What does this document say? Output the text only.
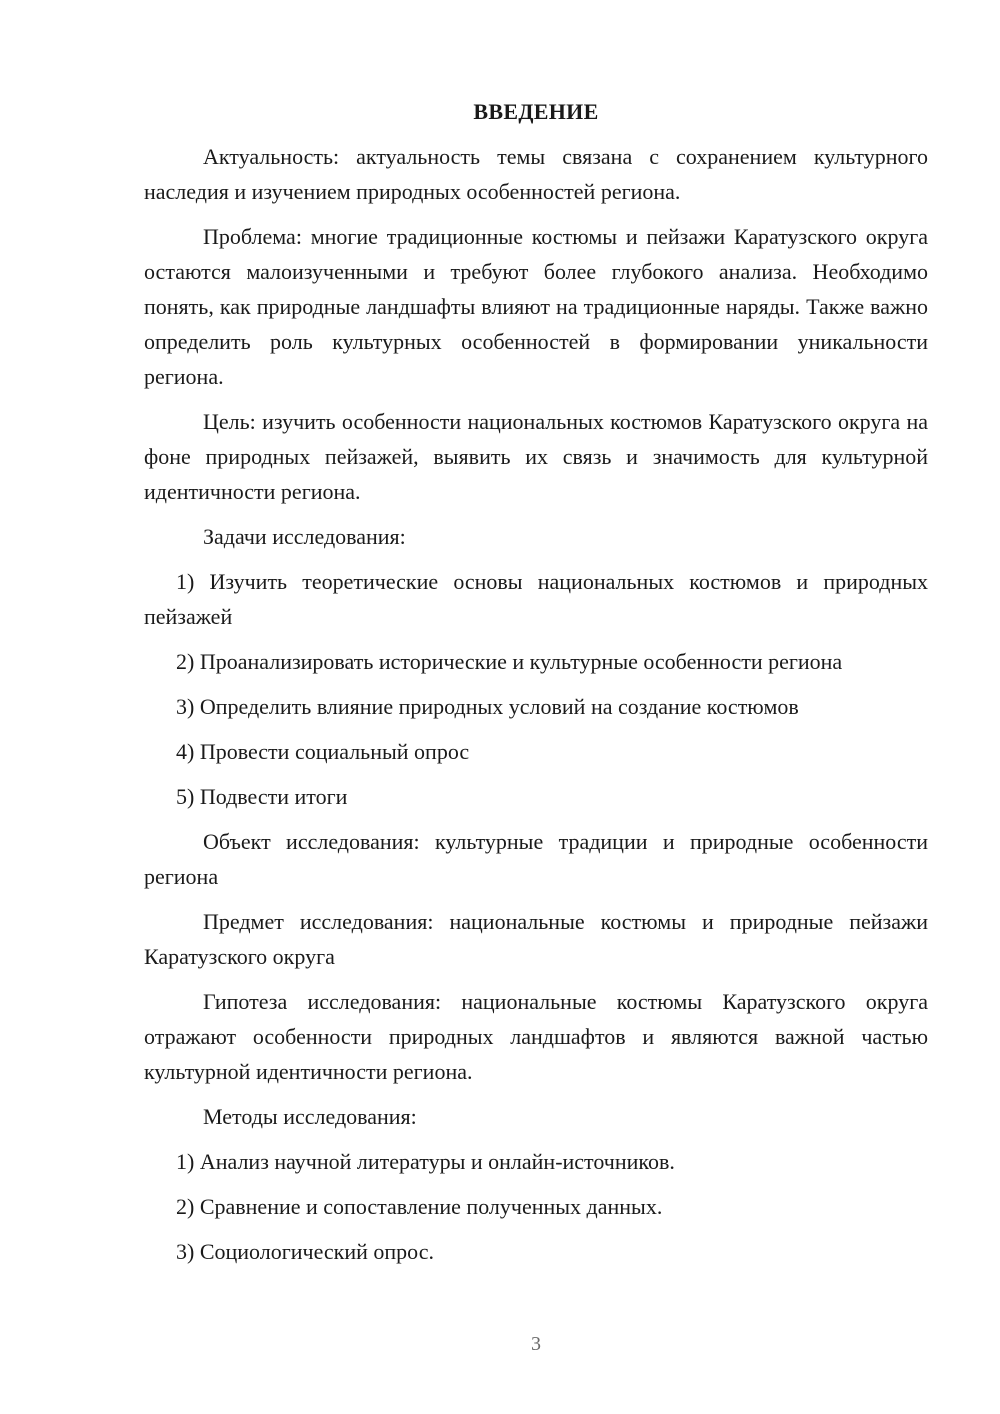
ВВЕДЕНИЕ

Актуальность: актуальность темы связана с сохранением культурного наследия и изучением природных особенностей региона.

Проблема: многие традиционные костюмы и пейзажи Каратузского округа остаются малоизученными и требуют более глубокого анализа. Необходимо понять, как природные ландшафты влияют на традиционные наряды. Также важно определить роль культурных особенностей в формировании уникальности региона.

Цель: изучить особенности национальных костюмов Каратузского округа на фоне природных пейзажей, выявить их связь и значимость для культурной идентичности региона.

Задачи исследования:

1) Изучить теоретические основы национальных костюмов и природных пейзажей

2) Проанализировать исторические и культурные особенности региона

3) Определить влияние природных условий на создание костюмов

4) Провести социальный опрос

5) Подвести итоги

Объект исследования: культурные традиции и природные особенности региона

Предмет исследования: национальные костюмы и природные пейзажи Каратузского округа

Гипотеза исследования: национальные костюмы Каратузского округа отражают особенности природных ландшафтов и являются важной частью культурной идентичности региона.

Методы исследования:

1) Анализ научной литературы и онлайн-источников.

2) Сравнение и сопоставление полученных данных.

3) Социологический опрос.

3
